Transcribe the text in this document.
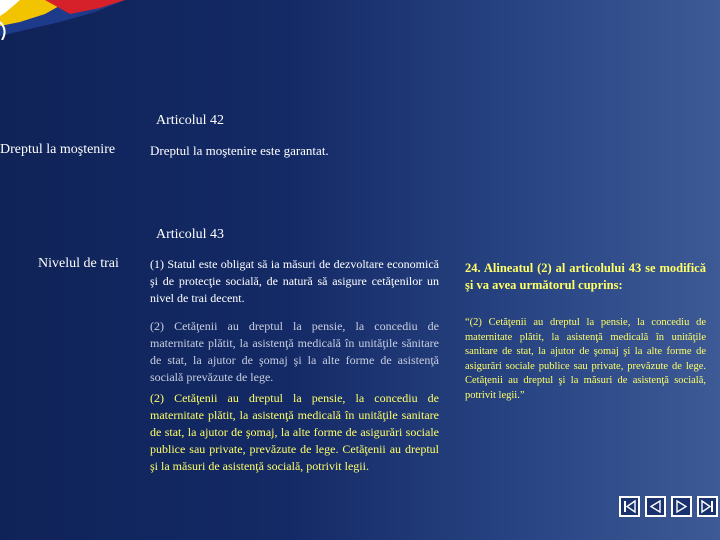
Articolul 42
Dreptul la moştenire	Dreptul la moştenire este garantat.
Articolul 43
Nivelul de trai	(1) Statul este obligat să ia măsuri de dezvoltare economică şi de protecţie socială, de natură să asigure cetăţenilor un nivel de trai decent.
(2) Cetăţenii au dreptul la pensie, la concediu de maternitate plătit, la asistenţă medicală în unităţile sănitare de stat, la ajutor de şomaj şi la alte forme de asistenţă socială prevăzute de lege.
(2) Cetăţenii au dreptul la pensie, la concediu de maternitate plătit, la asistenţă medicală în unităţile sanitare de stat, la ajutor de şomaj, la alte forme de asigurări sociale publice sau private, prevăzute de lege. Cetăţenii au dreptul şi la măsuri de asistenţă socială, potrivit legii.
24. Alineatul (2) al articolului 43 se modifică şi va avea următorul cuprins:
“(2) Cetăţenii au dreptul la pensie, la concediu de maternitate plătit, la asistenţă medicală în unităţile sanitare de stat, la ajutor de şomaj şi la alte forme de asigurări sociale publice sau private, prevăzute de lege. Cetăţenii au dreptul şi la măsuri de asistenţă socială, potrivit legii.”
